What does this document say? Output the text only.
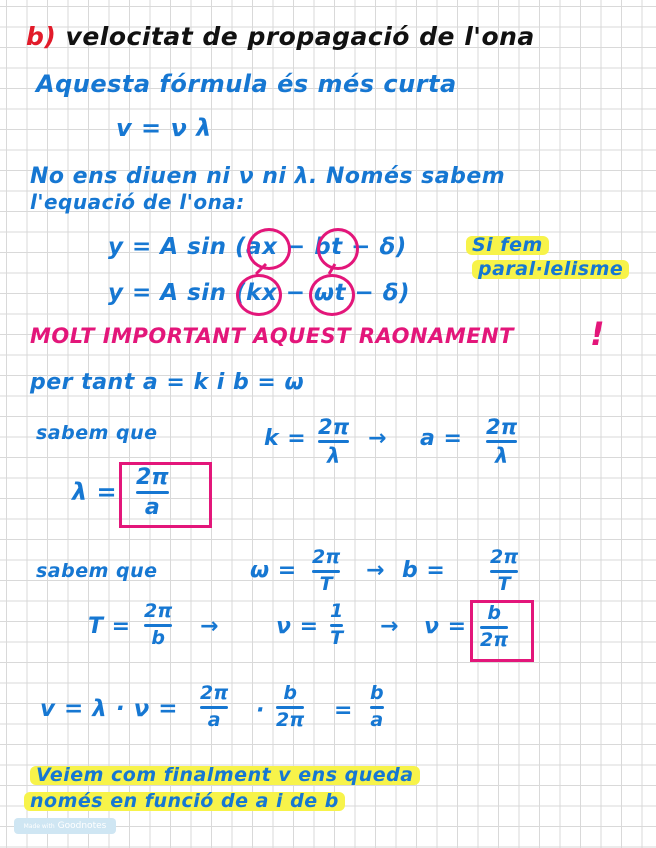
b) velocitat de propagació de l'ona
Aquesta fórmula és més curta
v = ν λ
No ens diuen ni ν ni λ. Només sabem
l'equació de l'ona:
y = A sin (ax − bt − δ)
y = A sin (kx − ωt − δ)
Si fem
paral·lelisme
MOLT IMPORTANT AQUEST RAONAMENT !
per tant a = k i b = ω
sabem que	k = 2π
λ
→ a = 2π
λ
λ =
2π
a
sabem que	ω =
2π
T
→ b =
2π
T
T =
2π
b →	ν =
1
T → ν =
b
2π
v = λ · ν =
2π
a ·
b
2π =
b
a
Veiem com finalment v ens queda
només en funció de a i de b
Made with Goodnotes
